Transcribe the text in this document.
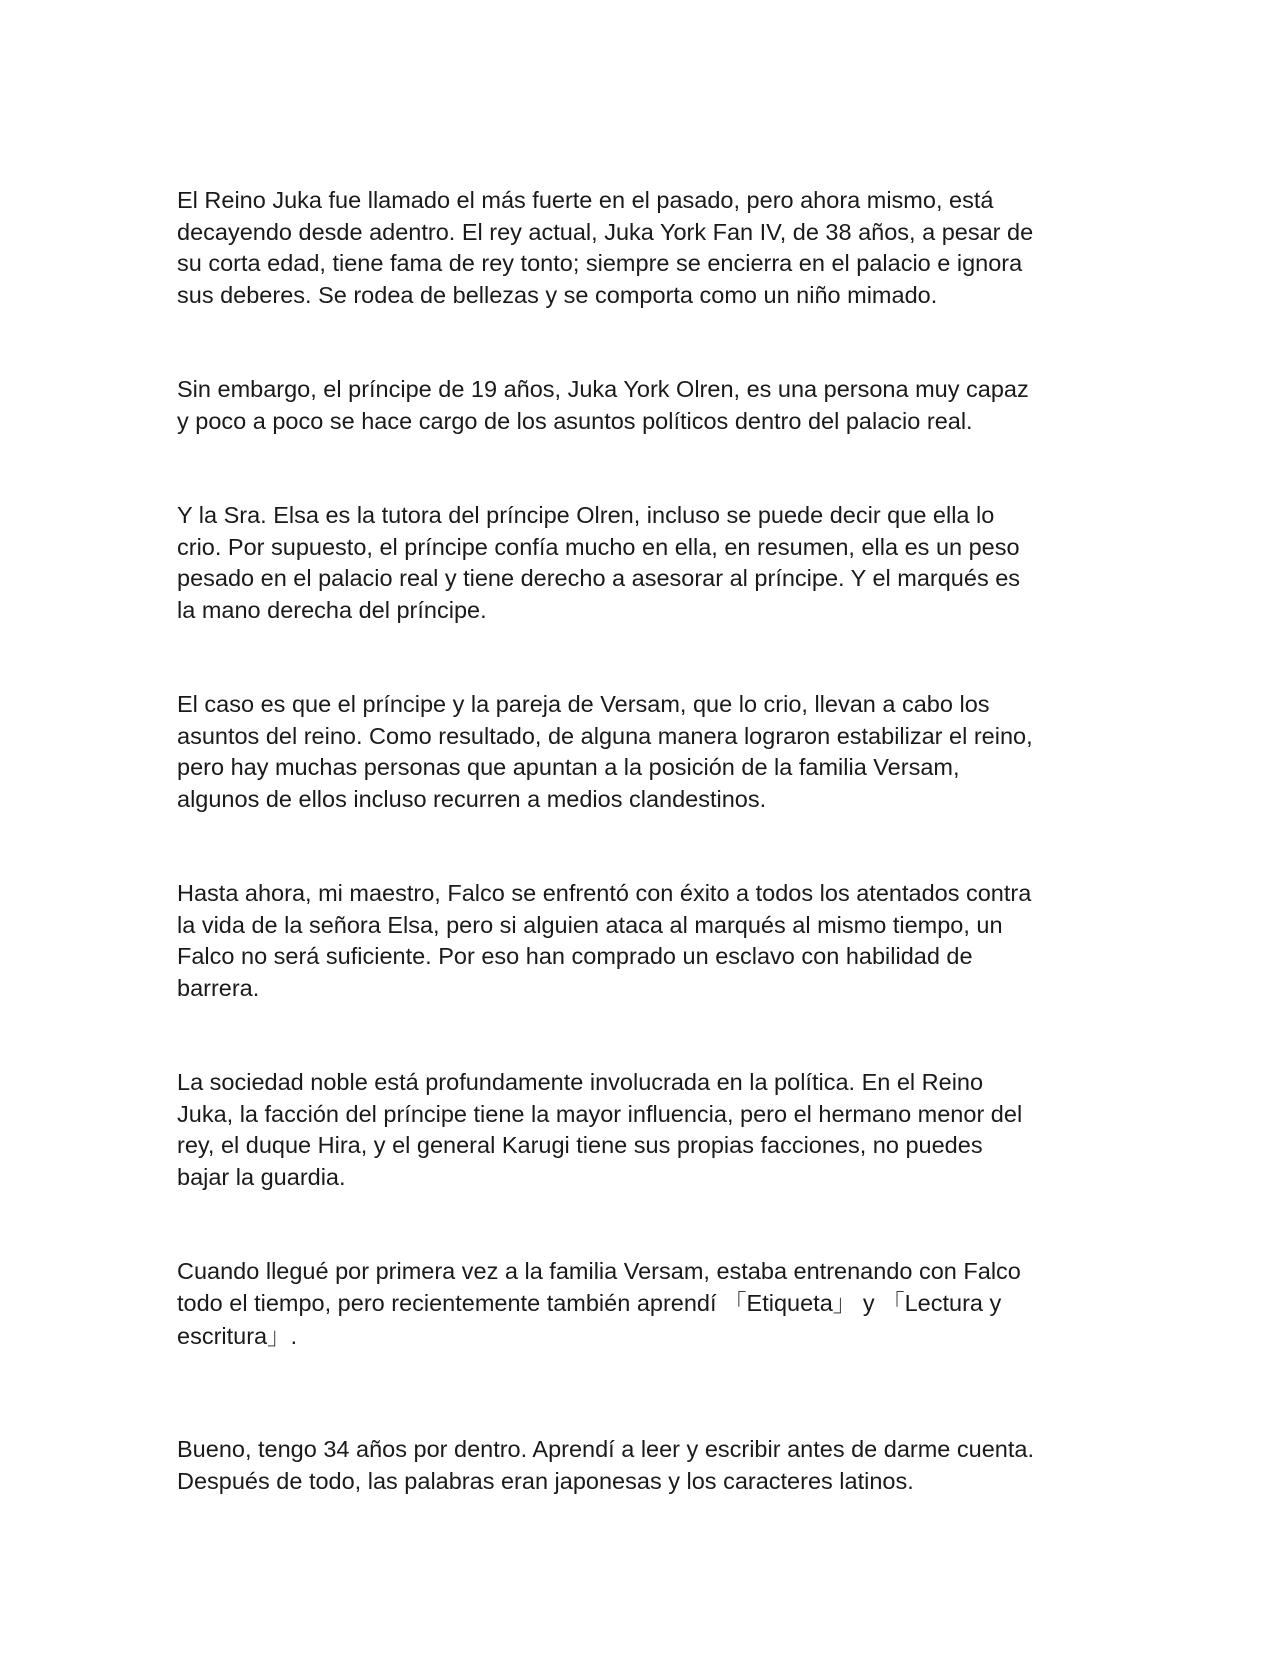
El Reino Juka fue llamado el más fuerte en el pasado, pero ahora mismo, está
decayendo desde adentro. El rey actual, Juka York Fan IV, de 38 años, a pesar de
su corta edad, tiene fama de rey tonto; siempre se encierra en el palacio e ignora
sus deberes. Se rodea de bellezas y se comporta como un niño mimado.
Sin embargo, el príncipe de 19 años, Juka York Olren, es una persona muy capaz
y poco a poco se hace cargo de los asuntos políticos dentro del palacio real.
Y la Sra. Elsa es la tutora del príncipe Olren, incluso se puede decir que ella lo
crio. Por supuesto, el príncipe confía mucho en ella, en resumen, ella es un peso
pesado en el palacio real y tiene derecho a asesorar al príncipe. Y el marqués es
la mano derecha del príncipe.
El caso es que el príncipe y la pareja de Versam, que lo crio, llevan a cabo los
asuntos del reino. Como resultado, de alguna manera lograron estabilizar el reino,
pero hay muchas personas que apuntan a la posición de la familia Versam,
algunos de ellos incluso recurren a medios clandestinos.
Hasta ahora, mi maestro, Falco se enfrentó con éxito a todos los atentados contra
la vida de la señora Elsa, pero si alguien ataca al marqués al mismo tiempo, un
Falco no será suficiente. Por eso han comprado un esclavo con habilidad de
barrera.
La sociedad noble está profundamente involucrada en la política. En el Reino
Juka, la facción del príncipe tiene la mayor influencia, pero el hermano menor del
rey, el duque Hira, y el general Karugi tiene sus propias facciones, no puedes
bajar la guardia.
Cuando llegué por primera vez a la familia Versam, estaba entrenando con Falco
todo el tiempo, pero recientemente también aprendí 「Etiqueta」 y 「Lectura y
escritura」.
Bueno, tengo 34 años por dentro. Aprendí a leer y escribir antes de darme cuenta.
Después de todo, las palabras eran japonesas y los caracteres latinos.
